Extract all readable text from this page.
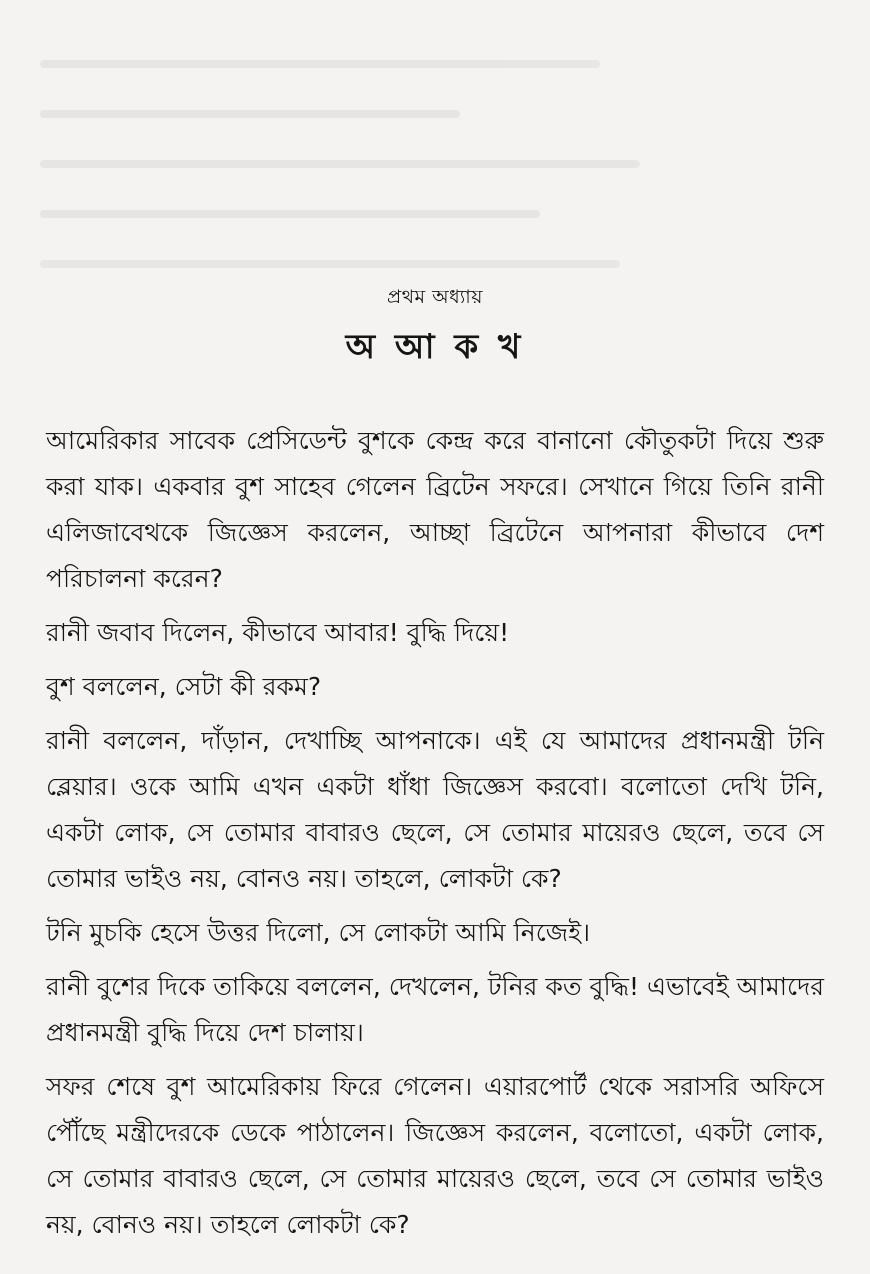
প্রথম অধ্যায়
অ আ ক খ

আমেরিকার সাবেক প্রেসিডেন্ট বুশকে কেন্দ্র করে বানানো কৌতুকটা দিয়ে শুরু করা যাক। একবার বুশ সাহেব গেলেন ব্রিটেন সফরে। সেখানে গিয়ে তিনি রানী এলিজাবেথকে জিজ্ঞেস করলেন, আচ্ছা ব্রিটেনে আপনারা কীভাবে দেশ পরিচালনা করেন?

রানী জবাব দিলেন, কীভাবে আবার! বুদ্ধি দিয়ে!

বুশ বললেন, সেটা কী রকম?

রানী বললেন, দাঁড়ান, দেখাচ্ছি আপনাকে। এই যে আমাদের প্রধানমন্ত্রী টনি ব্লেয়ার। ওকে আমি এখন একটা ধাঁধা জিজ্ঞেস করবো। বলোতো দেখি টনি, একটা লোক, সে তোমার বাবারও ছেলে, সে তোমার মায়েরও ছেলে, তবে সে তোমার ভাইও নয়, বোনও নয়। তাহলে, লোকটা কে?

টনি মুচকি হেসে উত্তর দিলো, সে লোকটা আমি নিজেই।

রানী বুশের দিকে তাকিয়ে বললেন, দেখলেন, টনির কত বুদ্ধি! এভাবেই আমাদের প্রধানমন্ত্রী বুদ্ধি দিয়ে দেশ চালায়।

সফর শেষে বুশ আমেরিকায় ফিরে গেলেন। এয়ারপোর্ট থেকে সরাসরি অফিসে পৌঁছে মন্ত্রীদেরকে ডেকে পাঠালেন। জিজ্ঞেস করলেন, বলোতো, একটা লোক, সে তোমার বাবারও ছেলে, সে তোমার মায়েরও ছেলে, তবে সে তোমার ভাইও নয়, বোনও নয়। তাহলে লোকটা কে?
